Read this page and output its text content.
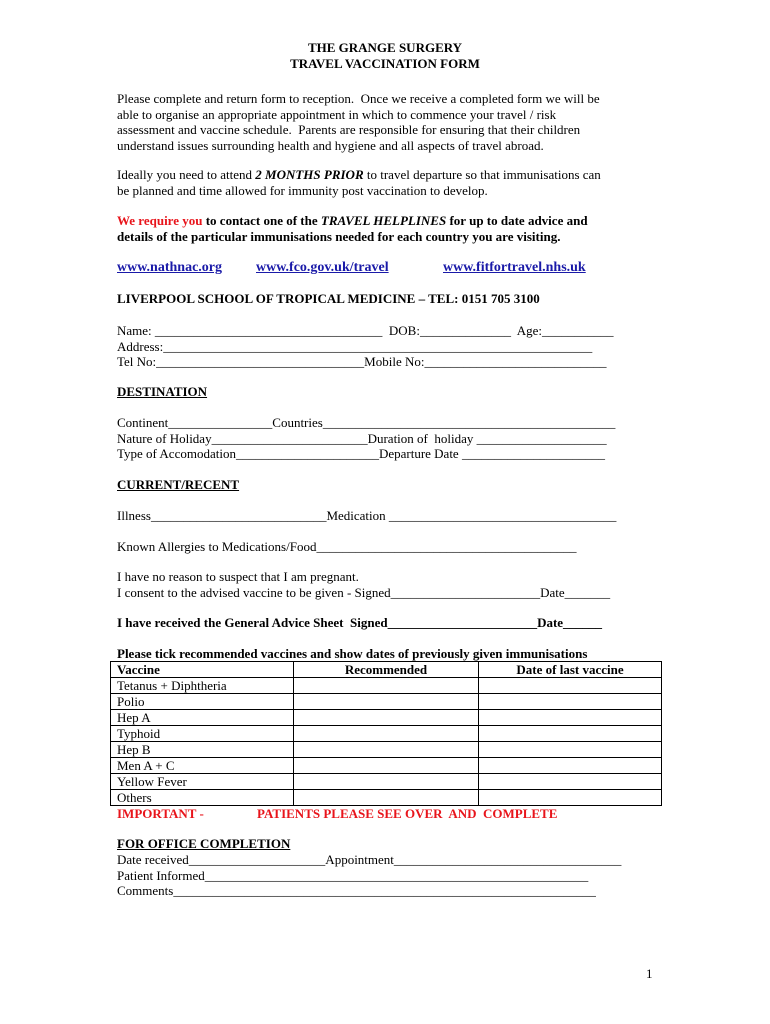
THE GRANGE SURGERY
TRAVEL VACCINATION FORM
Please complete and return form to reception.  Once we receive a completed form we will be
able to organise an appropriate appointment in which to commence your travel / risk
assessment and vaccine schedule.  Parents are responsible for ensuring that their children
understand issues surrounding health and hygiene and all aspects of travel abroad.
Ideally you need to attend 2 MONTHS PRIOR to travel departure so that immunisations can
be planned and time allowed for immunity post vaccination to develop.
We require you to contact one of the TRAVEL HELPLINES for up to date advice and
details of the particular immunisations needed for each country you are visiting.
www.nathnac.org www.fco.gov.uk/travel	www.fitfortravel.nhs.uk
LIVERPOOL SCHOOL OF TROPICAL MEDICINE – TEL: 0151 705 3100
Name: ___________________________________  DOB:______________  Age:___________
Address:__________________________________________________________________
Tel No:________________________________Mobile No:____________________________
DESTINATION
Continent________________Countries_____________________________________________
Nature of Holiday________________________Duration of  holiday ____________________
Type of Accomodation______________________Departure Date ______________________
CURRENT/RECENT
Illness___________________________Medication ___________________________________
Known Allergies to Medications/Food________________________________________
I have no reason to suspect that I am pregnant.
I consent to the advised vaccine to be given - Signed_______________________Date_______
I have received the General Advice Sheet  Signed_______________________Date______
Please tick recommended vaccines and show dates of previously given immunisations
Vaccine	Recommended	Date of last vaccine
Tetanus + Diphtheria		
Polio		
Hep A		
Typhoid		
Hep B		
Men A + C		
Yellow Fever		
Others		
IMPORTANT -	PATIENTS PLEASE SEE OVER  AND  COMPLETE
FOR OFFICE COMPLETION
Date received_____________________Appointment___________________________________
Patient Informed___________________________________________________________
Comments_________________________________________________________________
1
